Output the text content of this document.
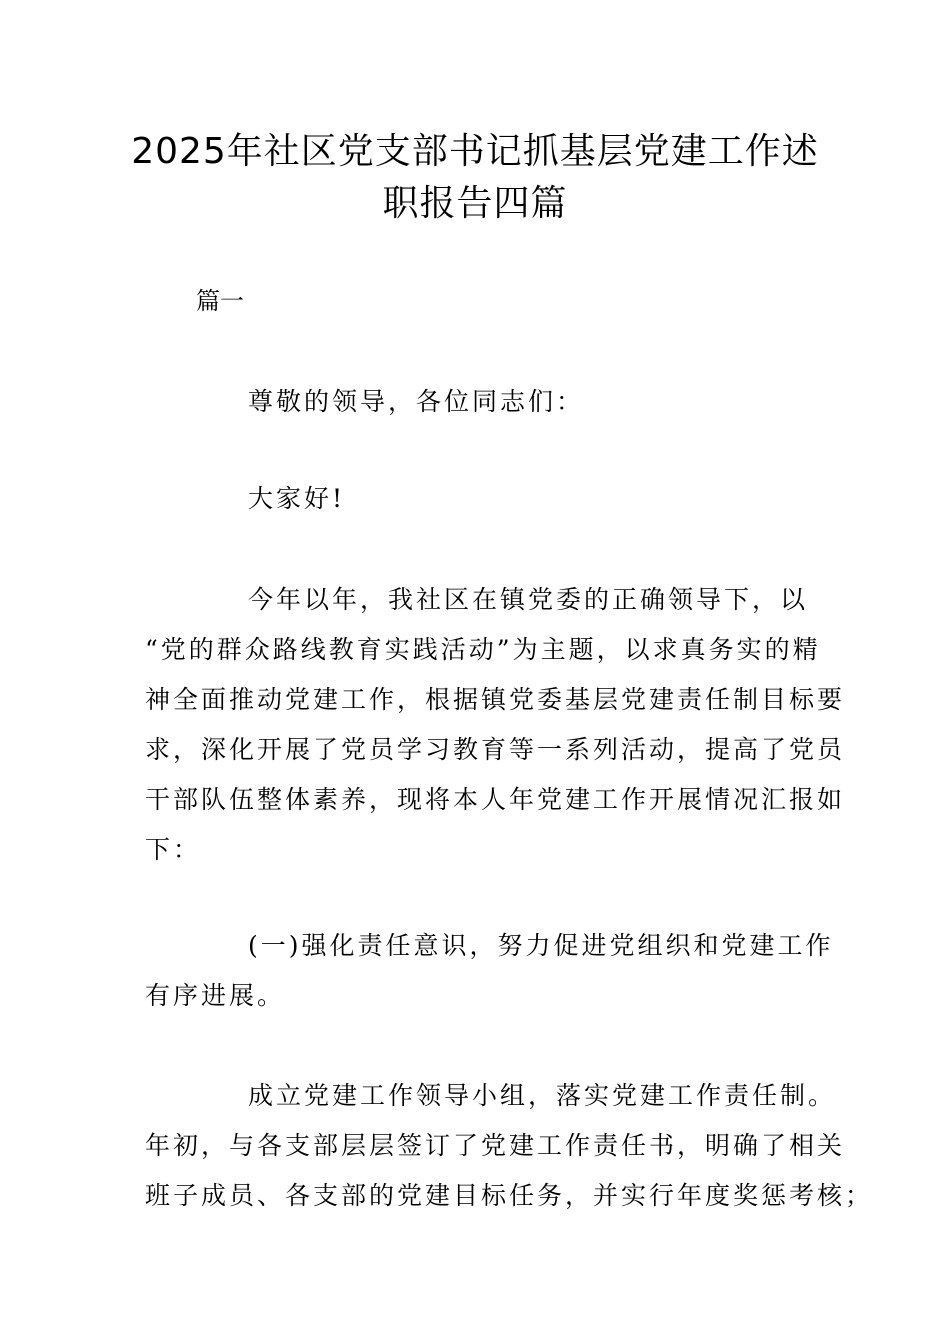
2025年社区党支部书记抓基层党建工作述
职报告四篇
篇一
尊敬的领导，各位同志们：
大家好!
今年以年，我社区在镇党委的正确领导下，以
“党的群众路线教育实践活动”为主题，以求真务实的精
神全面推动党建工作，根据镇党委基层党建责任制目标要
求，深化开展了党员学习教育等一系列活动，提高了党员
干部队伍整体素养，现将本人年党建工作开展情况汇报如
下：
(一)强化责任意识，努力促进党组织和党建工作
有序进展。
成立党建工作领导小组，落实党建工作责任制。
年初，与各支部层层签订了党建工作责任书，明确了相关
班子成员、各支部的党建目标任务，并实行年度奖惩考核；
